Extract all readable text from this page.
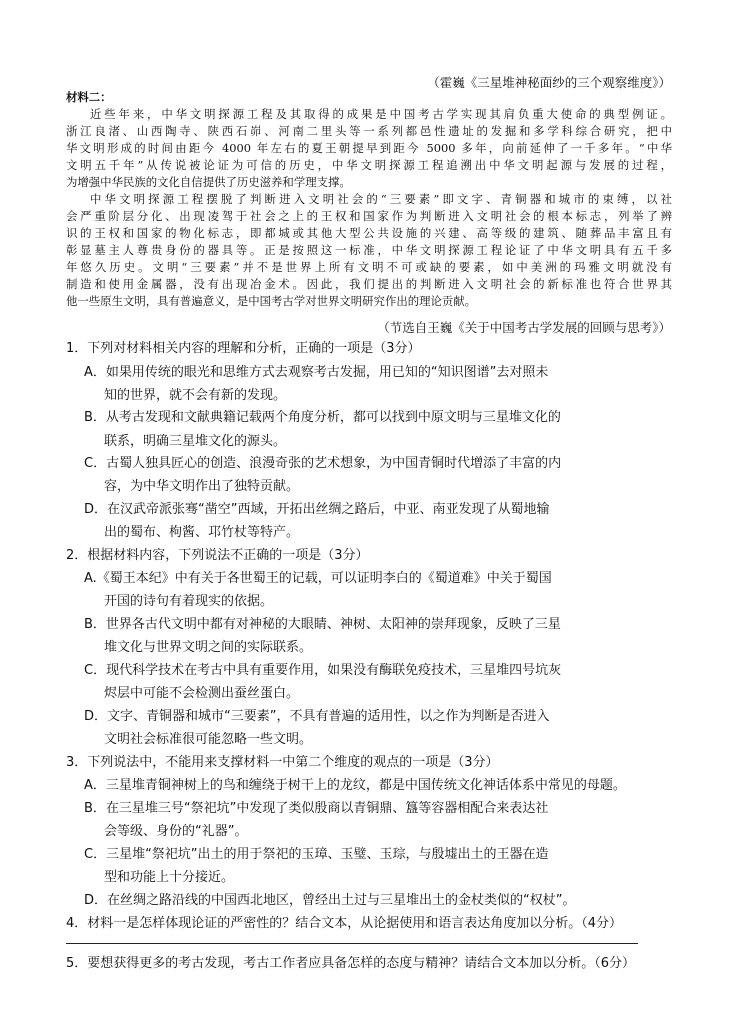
（霍巍《三星堆神秘面纱的三个观察维度》）
材料二：
近些年来，中华文明探源工程及其取得的成果是中国考古学实现其肩负重大使命的典型例证。
浙江良渚、山西陶寺、陕西石峁、河南二里头等一系列都邑性遗址的发掘和多学科综合研究，把中
华文明形成的时间由距今 4000 年左右的夏王朝提早到距今 5000 多年，向前延伸了一千多年。“中华
文明五千年”从传说被论证为可信的历史，中华文明探源工程追溯出中华文明起源与发展的过程，
为增强中华民族的文化自信提供了历史滋养和学理支撑。
中华文明探源工程摆脱了判断进入文明社会的“三要素”即文字、青铜器和城市的束缚，以社
会严重阶层分化、出现凌驾于社会之上的王权和国家作为判断进入文明社会的根本标志，列举了辨
识的王权和国家的物化标志，即都城或其他大型公共设施的兴建、高等级的建筑、随葬品丰富且有
彰显墓主人尊贵身份的器具等。正是按照这一标准，中华文明探源工程论证了中华文明具有五千多
年悠久历史。文明“三要素”并不是世界上所有文明不可或缺的要素，如中美洲的玛雅文明就没有
制造和使用金属器，没有出现冶金术。因此，我们提出的判断进入文明社会的新标准也符合世界其
他一些原生文明，具有普遍意义，是中国考古学对世界文明研究作出的理论贡献。
（节选自王巍《关于中国考古学发展的回顾与思考》）
1．下列对材料相关内容的理解和分析，正确的一项是（3分）
A．如果用传统的眼光和思维方式去观察考古发掘，用已知的“知识图谱”去对照未
知的世界，就不会有新的发现。
B．从考古发现和文献典籍记载两个角度分析，都可以找到中原文明与三星堆文化的
联系，明确三星堆文化的源头。
C．古蜀人独具匠心的创造、浪漫奇张的艺术想象，为中国青铜时代增添了丰富的内
容，为中华文明作出了独特贡献。
D．在汉武帝派张骞“凿空”西域，开拓出丝绸之路后，中亚、南亚发现了从蜀地输
出的蜀布、枸酱、邛竹杖等特产。
2．根据材料内容，下列说法不正确的一项是（3分）
A.《蜀王本纪》中有关于各世蜀王的记载，可以证明李白的《蜀道难》中关于蜀国
开国的诗句有着现实的依据。
B．世界各古代文明中都有对神秘的大眼睛、神树、太阳神的崇拜现象，反映了三星
堆文化与世界文明之间的实际联系。
C．现代科学技术在考古中具有重要作用，如果没有酶联免疫技术，三星堆四号坑灰
烬层中可能不会检测出蚕丝蛋白。
D．文字、青铜器和城市“三要素”，不具有普遍的适用性，以之作为判断是否进入
文明社会标准很可能忽略一些文明。
3．下列说法中，不能用来支撑材料一中第二个维度的观点的一项是（3分）
A．三星堆青铜神树上的鸟和缠绕于树干上的龙纹，都是中国传统文化神话体系中常见的母题。
B．在三星堆三号“祭祀坑”中发现了类似殷商以青铜鼎、簋等容器相配合来表达社
会等级、身份的“礼器”。
C．三星堆“祭祀坑”出土的用于祭祀的玉璋、玉璧、玉琮，与殷墟出土的王器在造
型和功能上十分接近。
D．在丝绸之路沿线的中国西北地区，曾经出土过与三星堆出土的金杖类似的“权杖”。
4．材料一是怎样体现论证的严密性的？结合文本，从论据使用和语言表达角度加以分析。（4分）
5．要想获得更多的考古发现，考古工作者应具备怎样的态度与精神？请结合文本加以分析。（6分）
